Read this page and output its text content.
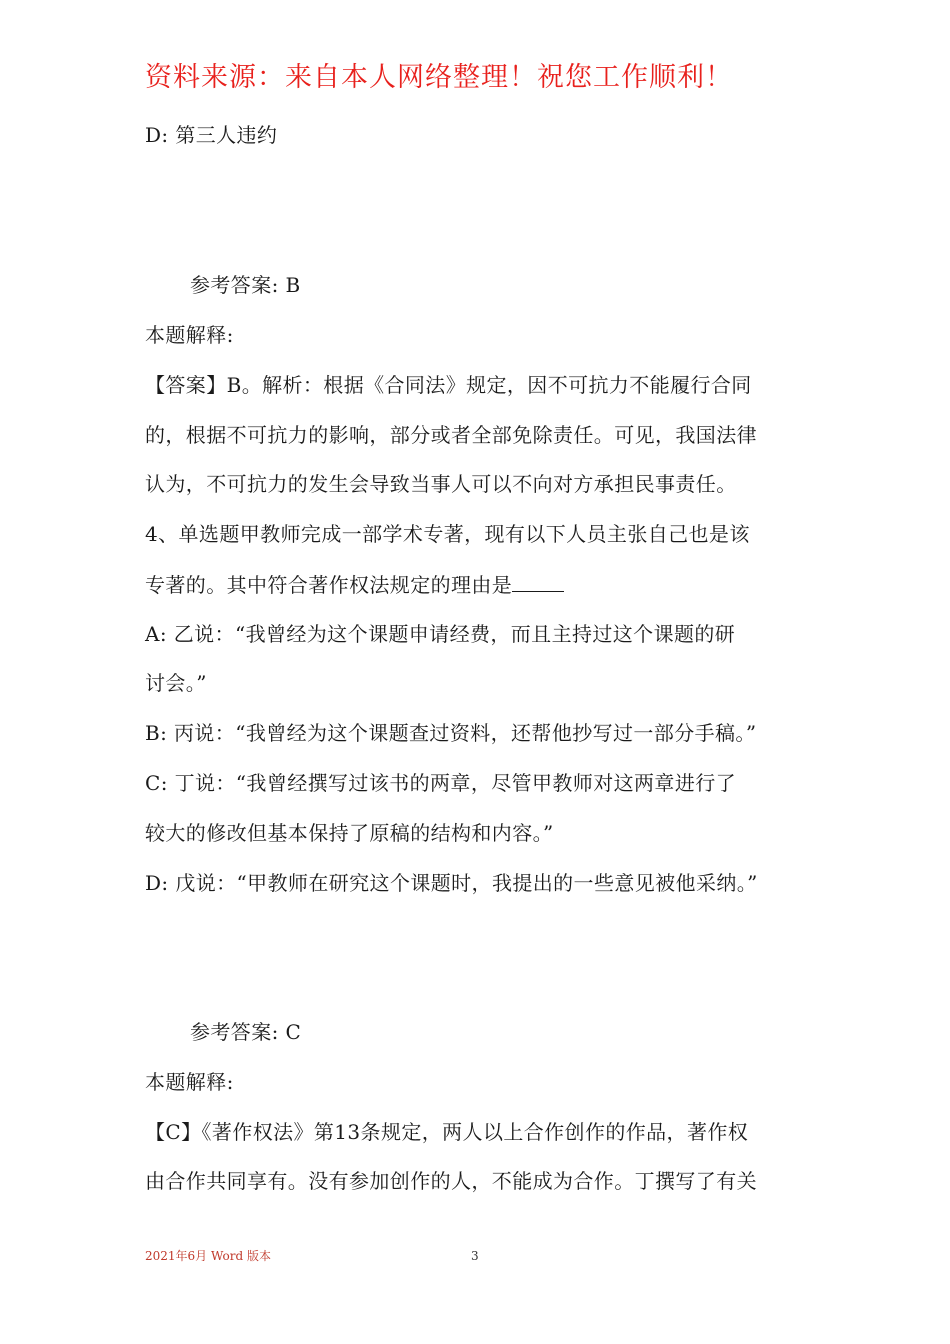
资料来源：来自本人网络整理！祝您工作顺利！
D: 第三人违约
参考答案: B
本题解释:
【答案】B。解析：根据《合同法》规定，因不可抗力不能履行合同
的，根据不可抗力的影响，部分或者全部免除责任。可见，我国法律
认为，不可抗力的发生会导致当事人可以不向对方承担民事责任。
4、单选题甲教师完成一部学术专著，现有以下人员主张自己也是该
专著的。其中符合著作权法规定的理由是
A: 乙说：“我曾经为这个课题申请经费，而且主持过这个课题的研
讨会。”
B: 丙说：“我曾经为这个课题查过资料，还帮他抄写过一部分手稿。”
C: 丁说：“我曾经撰写过该书的两章，尽管甲教师对这两章进行了
较大的修改但基本保持了原稿的结构和内容。”
D: 戊说：“甲教师在研究这个课题时，我提出的一些意见被他采纳。”
参考答案: C
本题解释:
【C】《著作权法》第13条规定，两人以上合作创作的作品，著作权
由合作共同享有。没有参加创作的人，不能成为合作。丁撰写了有关
2021年6月 Word 版本	3
